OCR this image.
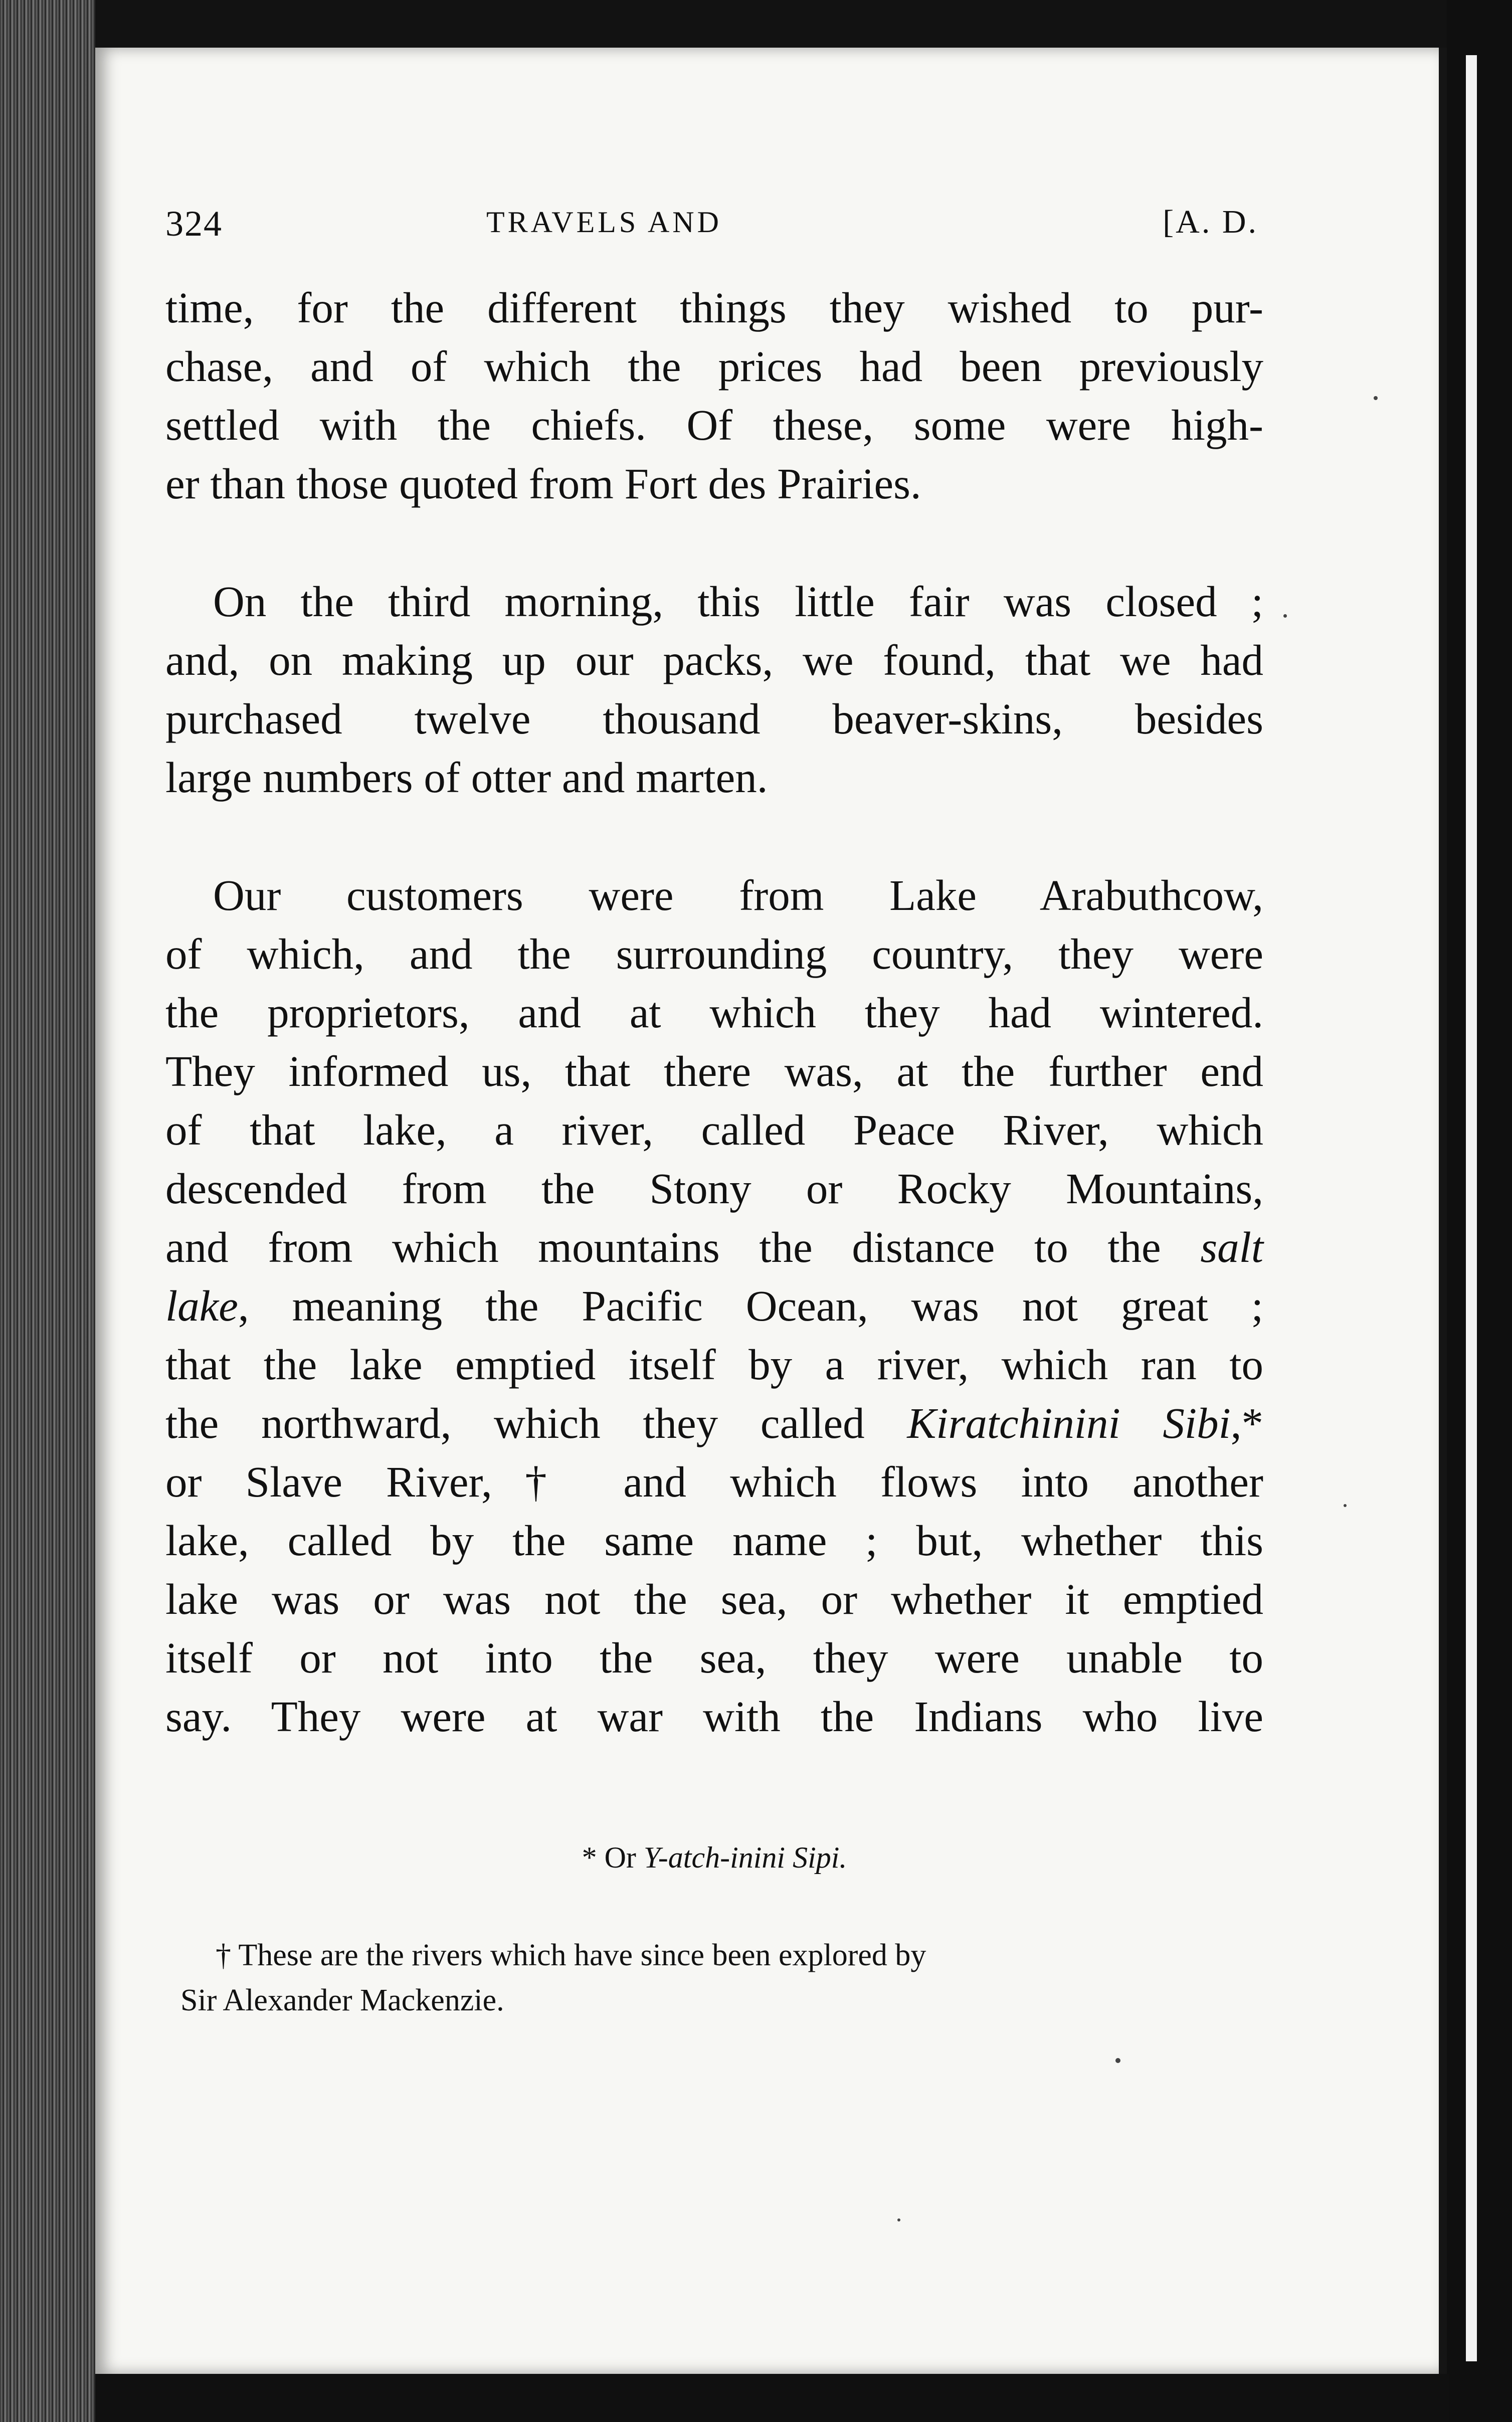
324	TRAVELS AND	[A. D.
time, for the different things they wished to pur-
chase, and of which the prices had been previously
settled with the chiefs. Of these, some were high-
er than those quoted from Fort des Prairies.
On the third morning, this little fair was closed ;
and, on making up our packs, we found, that we had
purchased twelve thousand beaver-skins, besides
large numbers of otter and marten.
Our customers were from Lake Arabuthcow,
of which, and the surrounding country, they were
the proprietors, and at which they had wintered.
They informed us, that there was, at the further end
of that lake, a river, called Peace River, which
descended from the Stony or Rocky Mountains,
and from which mountains the distance to the salt
lake, meaning the Pacific Ocean, was not great ;
that the lake emptied itself by a river, which ran to
the northward, which they called Kiratchinini Sibi,*
or Slave River,† and which flows into another
lake, called by the same name ; but, whether this
lake was or was not the sea, or whether it emptied
itself or not into the sea, they were unable to
say. They were at war with the Indians who live
* Or Y-atch-inini Sipi.
† These are the rivers which have since been explored by
Sir Alexander Mackenzie.
